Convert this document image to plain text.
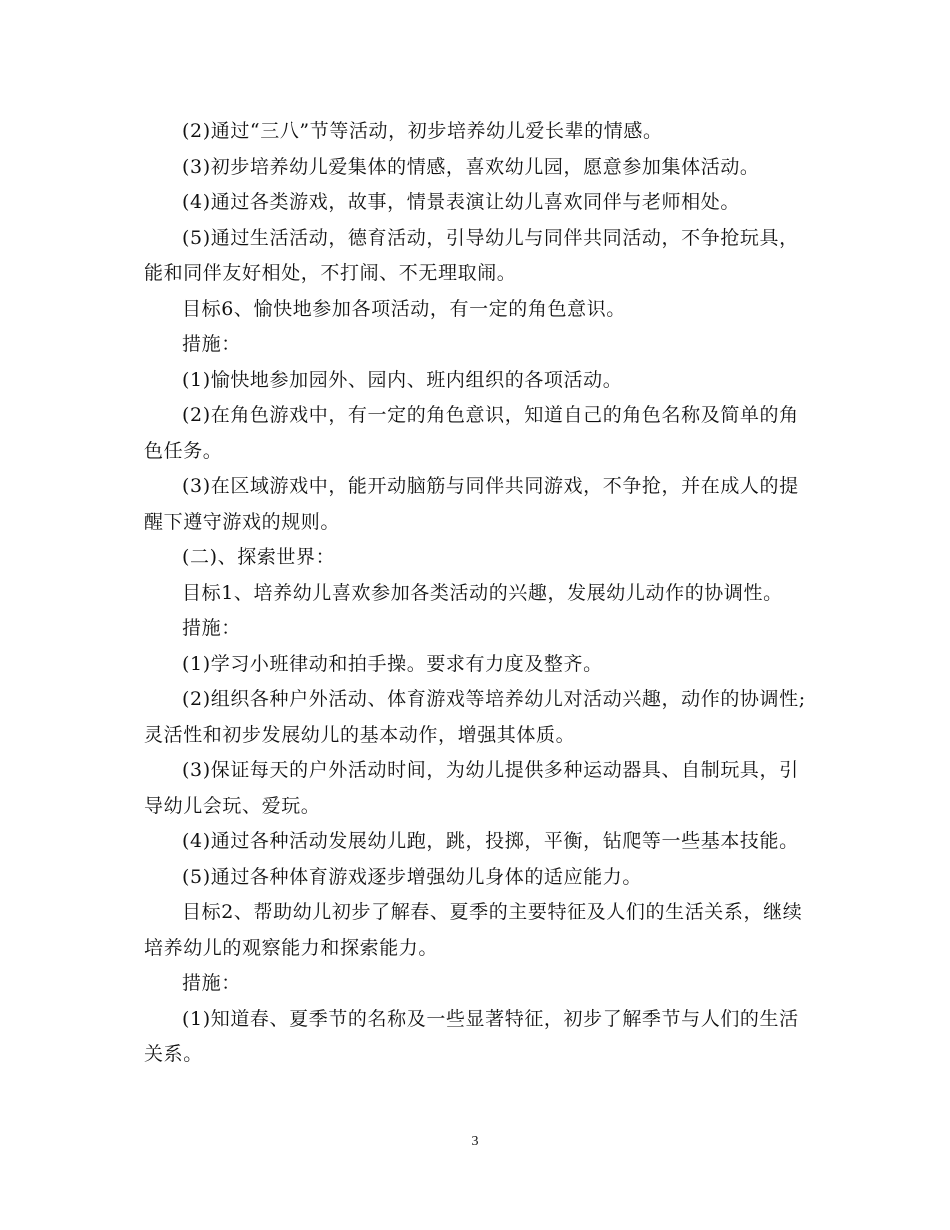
(2)通过“三八”节等活动，初步培养幼儿爱长辈的情感。

(3)初步培养幼儿爱集体的情感，喜欢幼儿园，愿意参加集体活动。

(4)通过各类游戏，故事，情景表演让幼儿喜欢同伴与老师相处。

(5)通过生活活动，德育活动，引导幼儿与同伴共同活动，不争抢玩具，能和同伴友好相处，不打闹、不无理取闹。

目标6、愉快地参加各项活动，有一定的角色意识。

措施：

(1)愉快地参加园外、园内、班内组织的各项活动。

(2)在角色游戏中，有一定的角色意识，知道自己的角色名称及简单的角色任务。

(3)在区域游戏中，能开动脑筋与同伴共同游戏，不争抢，并在成人的提醒下遵守游戏的规则。

(二)、探索世界：

目标1、培养幼儿喜欢参加各类活动的兴趣，发展幼儿动作的协调性。

措施：

(1)学习小班律动和拍手操。要求有力度及整齐。

(2)组织各种户外活动、体育游戏等培养幼儿对活动兴趣，动作的协调性;灵活性和初步发展幼儿的基本动作，增强其体质。

(3)保证每天的户外活动时间，为幼儿提供多种运动器具、自制玩具，引导幼儿会玩、爱玩。

(4)通过各种活动发展幼儿跑，跳，投掷，平衡，钻爬等一些基本技能。

(5)通过各种体育游戏逐步增强幼儿身体的适应能力。

目标2、帮助幼儿初步了解春、夏季的主要特征及人们的生活关系，继续培养幼儿的观察能力和探索能力。

措施：

(1)知道春、夏季节的名称及一些显著特征，初步了解季节与人们的生活关系。

3
